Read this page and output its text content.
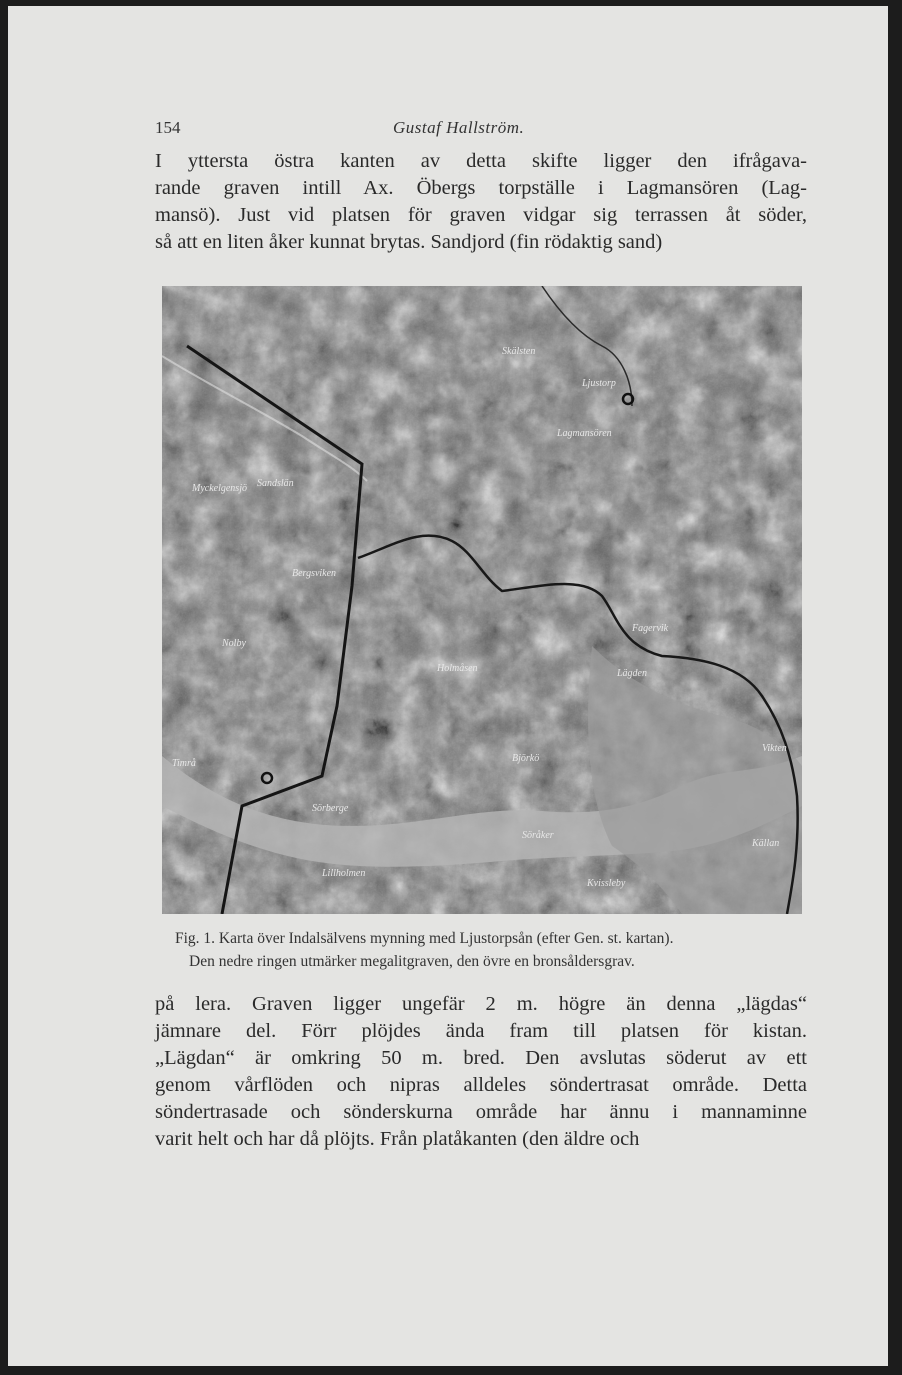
154	Gustaf Hallström.

I yttersta östra kanten av detta skifte ligger den ifrågava-
rande graven intill Ax. Öbergs torpställe i Lagmansören (Lag-
mansö). Just vid platsen för graven vidgar sig terrassen åt söder,
så att en liten åker kunnat brytas. Sandjord (fin rödaktig sand)

Skälsten
Lagmansören
Sandslän
Ljustorp
Bergsviken
Myckelgensjö
Holmåsen
Fagervik
Lägden
Vikten
Sörberge
Kvissleby
Lillholmen
Björkö
Nolby
Källan
Söråker
Timrå

Fig. 1. Karta över Indalsälvens mynning med Ljustorpsån (efter Gen. st. kartan).
Den nedre ringen utmärker megalitgraven, den övre en bronsåldersgrav.

på lera. Graven ligger ungefär 2 m. högre än denna „lägdas“
jämnare del. Förr plöjdes ända fram till platsen för kistan.
„Lägdan“ är omkring 50 m. bred. Den avslutas söderut av ett
genom vårflöden och nipras alldeles söndertrasat område. Detta
söndertrasade och sönderskurna område har ännu i mannaminne
varit helt och har då plöjts. Från platåkanten (den äldre och
